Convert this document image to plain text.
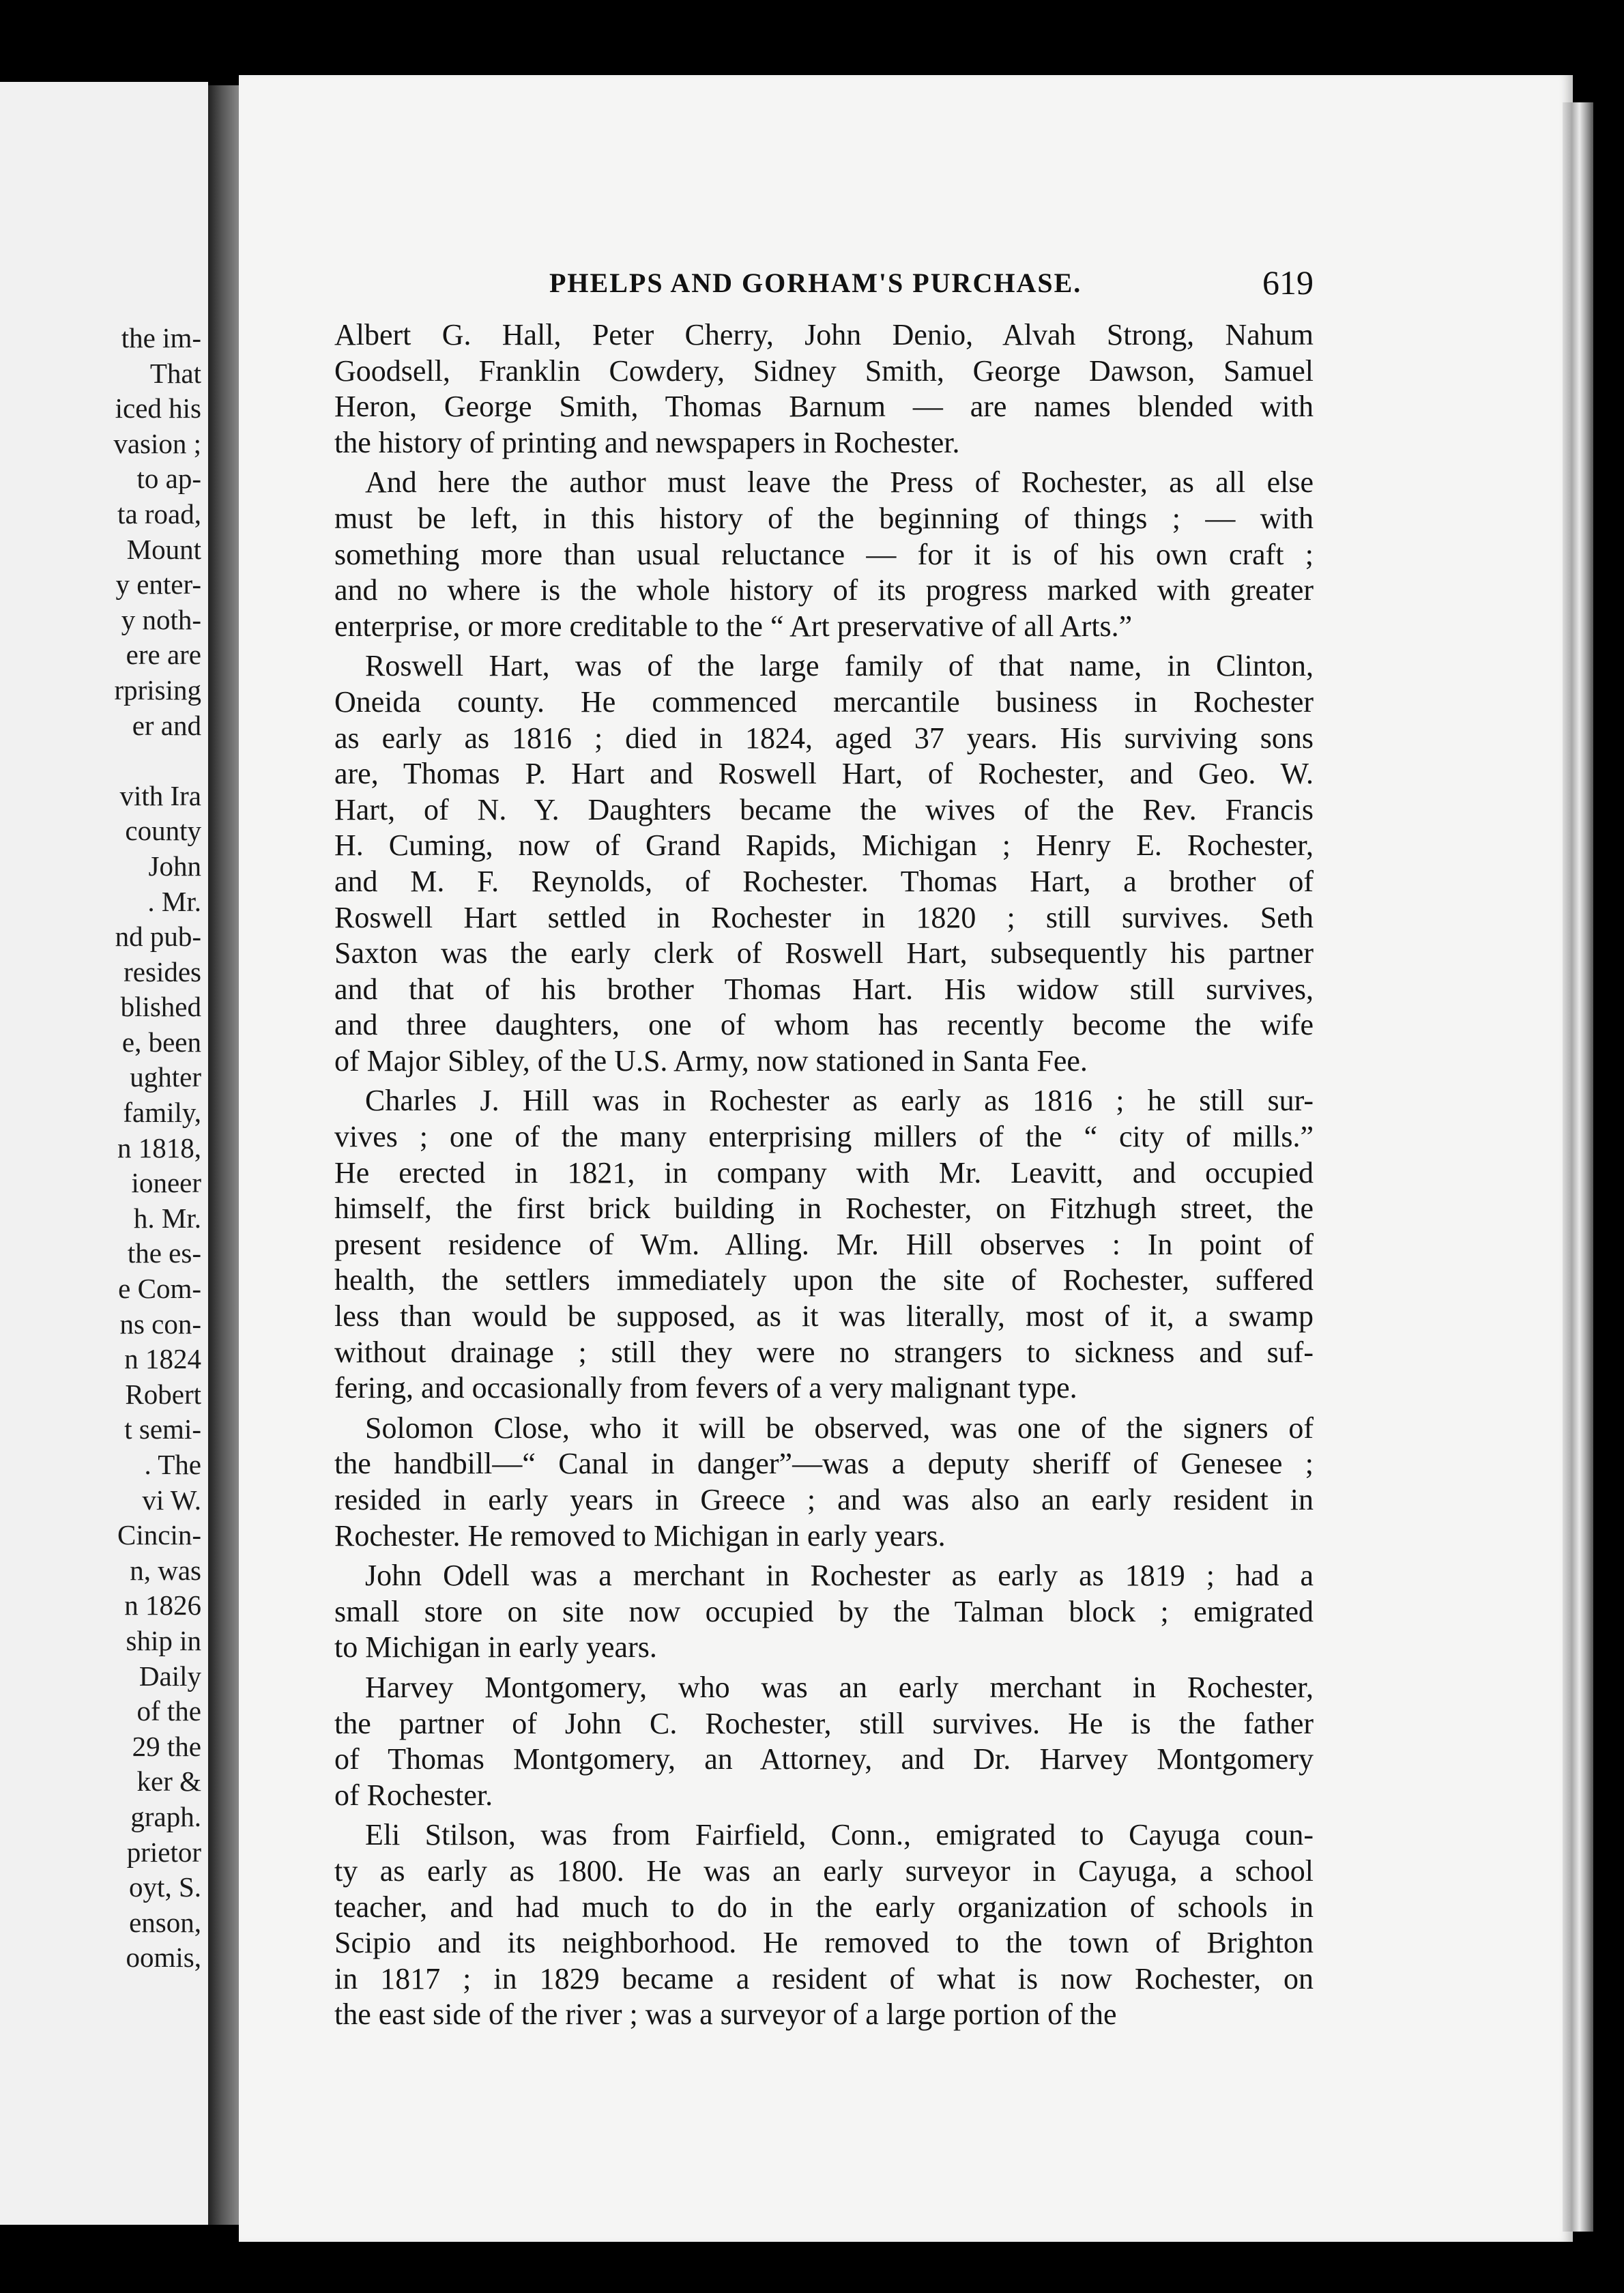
the im-
That
iced his
vasion ;
to ap-
ta road,
Mount
y enter-
y noth-
ere are
rprising
er and

vith Ira
county
John
. Mr.
nd pub-
resides
blished
e, been
ughter
family,
n 1818,
ioneer
h. Mr.
the es-
e Com-
ns con-
n 1824
Robert
t semi-
. The
vi W.
Cincin-
n, was
n 1826
ship in
Daily
of the
29 the
ker &
graph.
prietor
oyt, S.
enson,
oomis,
PHELPS AND GORHAM'S PURCHASE.	619
Albert G. Hall, Peter Cherry, John Denio, Alvah Strong, Nahum
Goodsell, Franklin Cowdery, Sidney Smith, George Dawson, Samuel
Heron, George Smith, Thomas Barnum — are names blended with
the history of printing and newspapers in Rochester.
And here the author must leave the Press of Rochester, as all else
must be left, in this history of the beginning of things ; — with
something more than usual reluctance — for it is of his own craft ;
and no where is the whole history of its progress marked with greater
enterprise, or more creditable to the “ Art preservative of all Arts.”
Roswell Hart, was of the large family of that name, in Clinton,
Oneida county. He commenced mercantile business in Rochester
as early as 1816 ; died in 1824, aged 37 years. His surviving sons
are, Thomas P. Hart and Roswell Hart, of Rochester, and Geo. W.
Hart, of N. Y. Daughters became the wives of the Rev. Francis
H. Cuming, now of Grand Rapids, Michigan ; Henry E. Rochester,
and M. F. Reynolds, of Rochester. Thomas Hart, a brother of
Roswell Hart settled in Rochester in 1820 ; still survives. Seth
Saxton was the early clerk of Roswell Hart, subsequently his partner
and that of his brother Thomas Hart. His widow still survives,
and three daughters, one of whom has recently become the wife
of Major Sibley, of the U.S. Army, now stationed in Santa Fee.
Charles J. Hill was in Rochester as early as 1816 ; he still sur-
vives ; one of the many enterprising millers of the “ city of mills.”
He erected in 1821, in company with Mr. Leavitt, and occupied
himself, the first brick building in Rochester, on Fitzhugh street, the
present residence of Wm. Alling. Mr. Hill observes : In point of
health, the settlers immediately upon the site of Rochester, suffered
less than would be supposed, as it was literally, most of it, a swamp
without drainage ; still they were no strangers to sickness and suf-
fering, and occasionally from fevers of a very malignant type.
Solomon Close, who it will be observed, was one of the signers of
the handbill—“ Canal in danger”—was a deputy sheriff of Genesee ;
resided in early years in Greece ; and was also an early resident in
Rochester. He removed to Michigan in early years.
John Odell was a merchant in Rochester as early as 1819 ; had a
small store on site now occupied by the Talman block ; emigrated
to Michigan in early years.
Harvey Montgomery, who was an early merchant in Rochester,
the partner of John C. Rochester, still survives. He is the father
of Thomas Montgomery, an Attorney, and Dr. Harvey Montgomery
of Rochester.
Eli Stilson, was from Fairfield, Conn., emigrated to Cayuga coun-
ty as early as 1800. He was an early surveyor in Cayuga, a school
teacher, and had much to do in the early organization of schools in
Scipio and its neighborhood. He removed to the town of Brighton
in 1817 ; in 1829 became a resident of what is now Rochester, on
the east side of the river ; was a surveyor of a large portion of the
